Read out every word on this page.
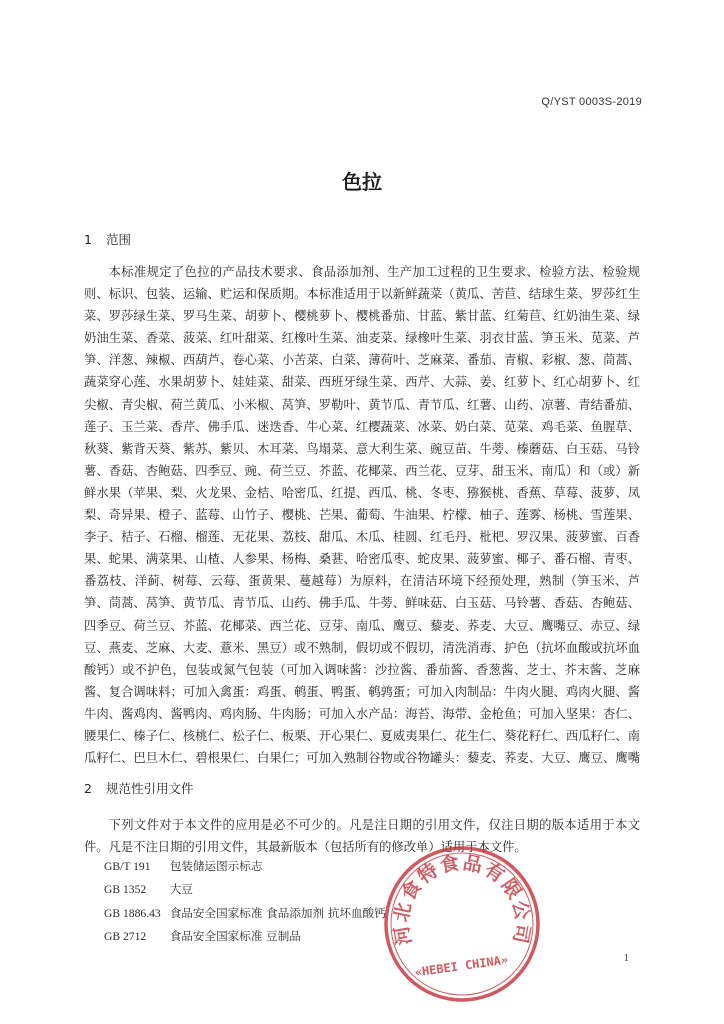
Q/YST 0003S-2019
色拉
1 范围

本标准规定了色拉的产品技术要求、食品添加剂、生产加工过程的卫生要求、检验方法、检验规则、标识、包装、运输、贮运和保质期。本标准适用于以新鲜蔬菜（黄瓜、苦苣、结球生菜、罗莎红生菜、罗莎绿生菜、罗马生菜、胡萝卜、樱桃萝卜、樱桃番茄、甘蓝、紫甘蓝、红菊苣、红奶油生菜、绿奶油生菜、香菜、菠菜、红叶甜菜、红橡叶生菜、油麦菜、绿橡叶生菜、羽衣甘蓝、笋玉米、苋菜、芦笋、洋葱、辣椒、西葫芦、卷心菜、小苦菜、白菜、薄荷叶、芝麻菜、番茄、青椒、彩椒、葱、茼蒿、蔬菜穿心莲、水果胡萝卜、娃娃菜、甜菜、西班牙绿生菜、西芹、大蒜、姜、红萝卜、红心胡萝卜、红尖椒、青尖椒、荷兰黄瓜、小米椒、莴笋、罗勒叶、黄节瓜、青节瓜、红薯、山药、凉薯、青结番茄、莲子、玉兰菜、香芹、佛手瓜、迷迭香、牛心菜、红樱蔬菜、冰菜、奶白菜、苋菜、鸡毛菜、鱼腥草、秋葵、紫背天葵、紫苏、紫贝、木耳菜、鸟塌菜、意大利生菜、豌豆苗、牛蒡、榛蘑菇、白玉菇、马铃薯、香菇、杏鲍菇、四季豆、豌、荷兰豆、芥蓝、花椰菜、西兰花、豆芽、甜玉米、南瓜）和（或）新鲜水果（苹果、梨、火龙果、金桔、哈密瓜、红提、西瓜、桃、冬枣、猕猴桃、香蕉、草莓、菠萝、凤梨、奇异果、橙子、蓝莓、山竹子、樱桃、芒果、葡萄、牛油果、柠檬、柚子、莲雾、杨桃、雪莲果、李子、桔子、石榴、榴莲、无花果、荔枝、甜瓜、木瓜、桂圆、红毛丹、枇杷、罗汉果、菠萝蜜、百香果、蛇果、满菜果、山楂、人参果、杨梅、桑葚、哈密瓜枣、蛇皮果、菠萝蜜、椰子、番石榴、青枣、番荔枝、洋蓟、树莓、云莓、蛋黄果、蔓越莓）为原料，在清洁环境下经预处理，熟制（笋玉米、芦笋、茼蒿、莴笋、黄节瓜、青节瓜、山药、佛手瓜、牛蒡、鲜味菇、白玉菇、马铃薯、香菇、杏鲍菇、四季豆、荷兰豆、芥蓝、花椰菜、西兰花、豆芽、南瓜、鹰豆、藜麦、荞麦、大豆、鹰嘴豆、赤豆、绿豆、燕麦、芝麻、大麦、薏米、黑豆）或不熟制，假切或不假切，清洗消毒、护色（抗坏血酸或抗坏血酸钙）或不护色，包装或氮气包装（可加入调味酱：沙拉酱、番茄酱、香葱酱、芝士、芥末酱、芝麻酱、复合调味料；可加入禽蛋：鸡蛋、鹌蛋、鸭蛋、鹌鹑蛋；可加入肉制品：牛肉火腿、鸡肉火腿、酱牛肉、酱鸡肉、酱鸭肉、鸡肉肠、牛肉肠；可加入水产品：海苔、海带、金枪鱼；可加入坚果：杏仁、腰果仁、榛子仁、核桃仁、松子仁、板栗、开心果仁、夏威夷果仁、花生仁、葵花籽仁、西瓜籽仁、南瓜籽仁、巴旦木仁、碧根果仁、白果仁；可加入熟制谷物或谷物罐头：藜麦、荞麦、大豆、鹰豆、鹰嘴

2 规范性引用文件

下列文件对于本文件的应用是必不可少的。凡是注日期的引用文件，仅注日期的版本适用于本文件。凡是不注日期的引用文件，其最新版本（包括所有的修改单）适用于本文件。

GB/T 191 包装储运图示标志
GB 1352 大豆
GB 1886.43 食品安全国家标准 食品添加剂 抗坏血酸钙
GB 2712 食品安全国家标准 豆制品	河北食特食品有限公司
«HEBEI CHINA»	1
